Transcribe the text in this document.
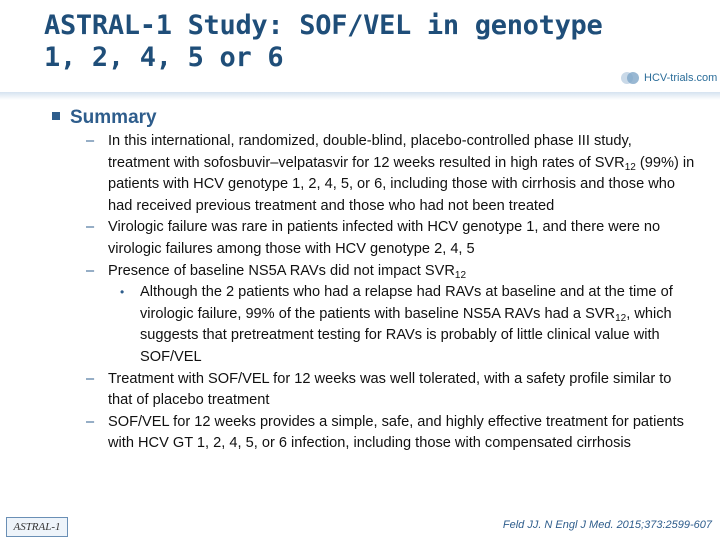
ASTRAL-1 Study: SOF/VEL in genotype
1, 2, 4, 5 or 6
HCV-trials.com
Summary
– In this international, randomized, double-blind, placebo-controlled phase III study, treatment with sofosbuvir–velpatasvir for 12 weeks resulted in high rates of $SVR_{12}$ (99%) in patients with HCV genotype 1, 2, 4, 5, or 6, including those with cirrhosis and those who had received previous treatment and those who had not been treated
– Virologic failure was rare in patients infected with HCV genotype 1, and there were no virologic failures among those with HCV genotype 2, 4, 5
– Presence of baseline NS5A RAVs did not impact $SVR_{12}$
• Although the 2 patients who had a relapse had RAVs at baseline and at the time of virologic failure, 99% of the patients with baseline NS5A RAVs had a $SVR_{12}$, which suggests that pretreatment testing for RAVs is probably of little clinical value with SOF/VEL
– Treatment with SOF/VEL for 12 weeks was well tolerated, with a safety profile similar to that of placebo treatment
– SOF/VEL for 12 weeks provides a simple, safe, and highly effective treatment for patients with HCV GT 1, 2, 4, 5, or 6 infection, including those with compensated cirrhosis
ASTRAL-1	Feld JJ. N Engl J Med. 2015;373:2599-607
